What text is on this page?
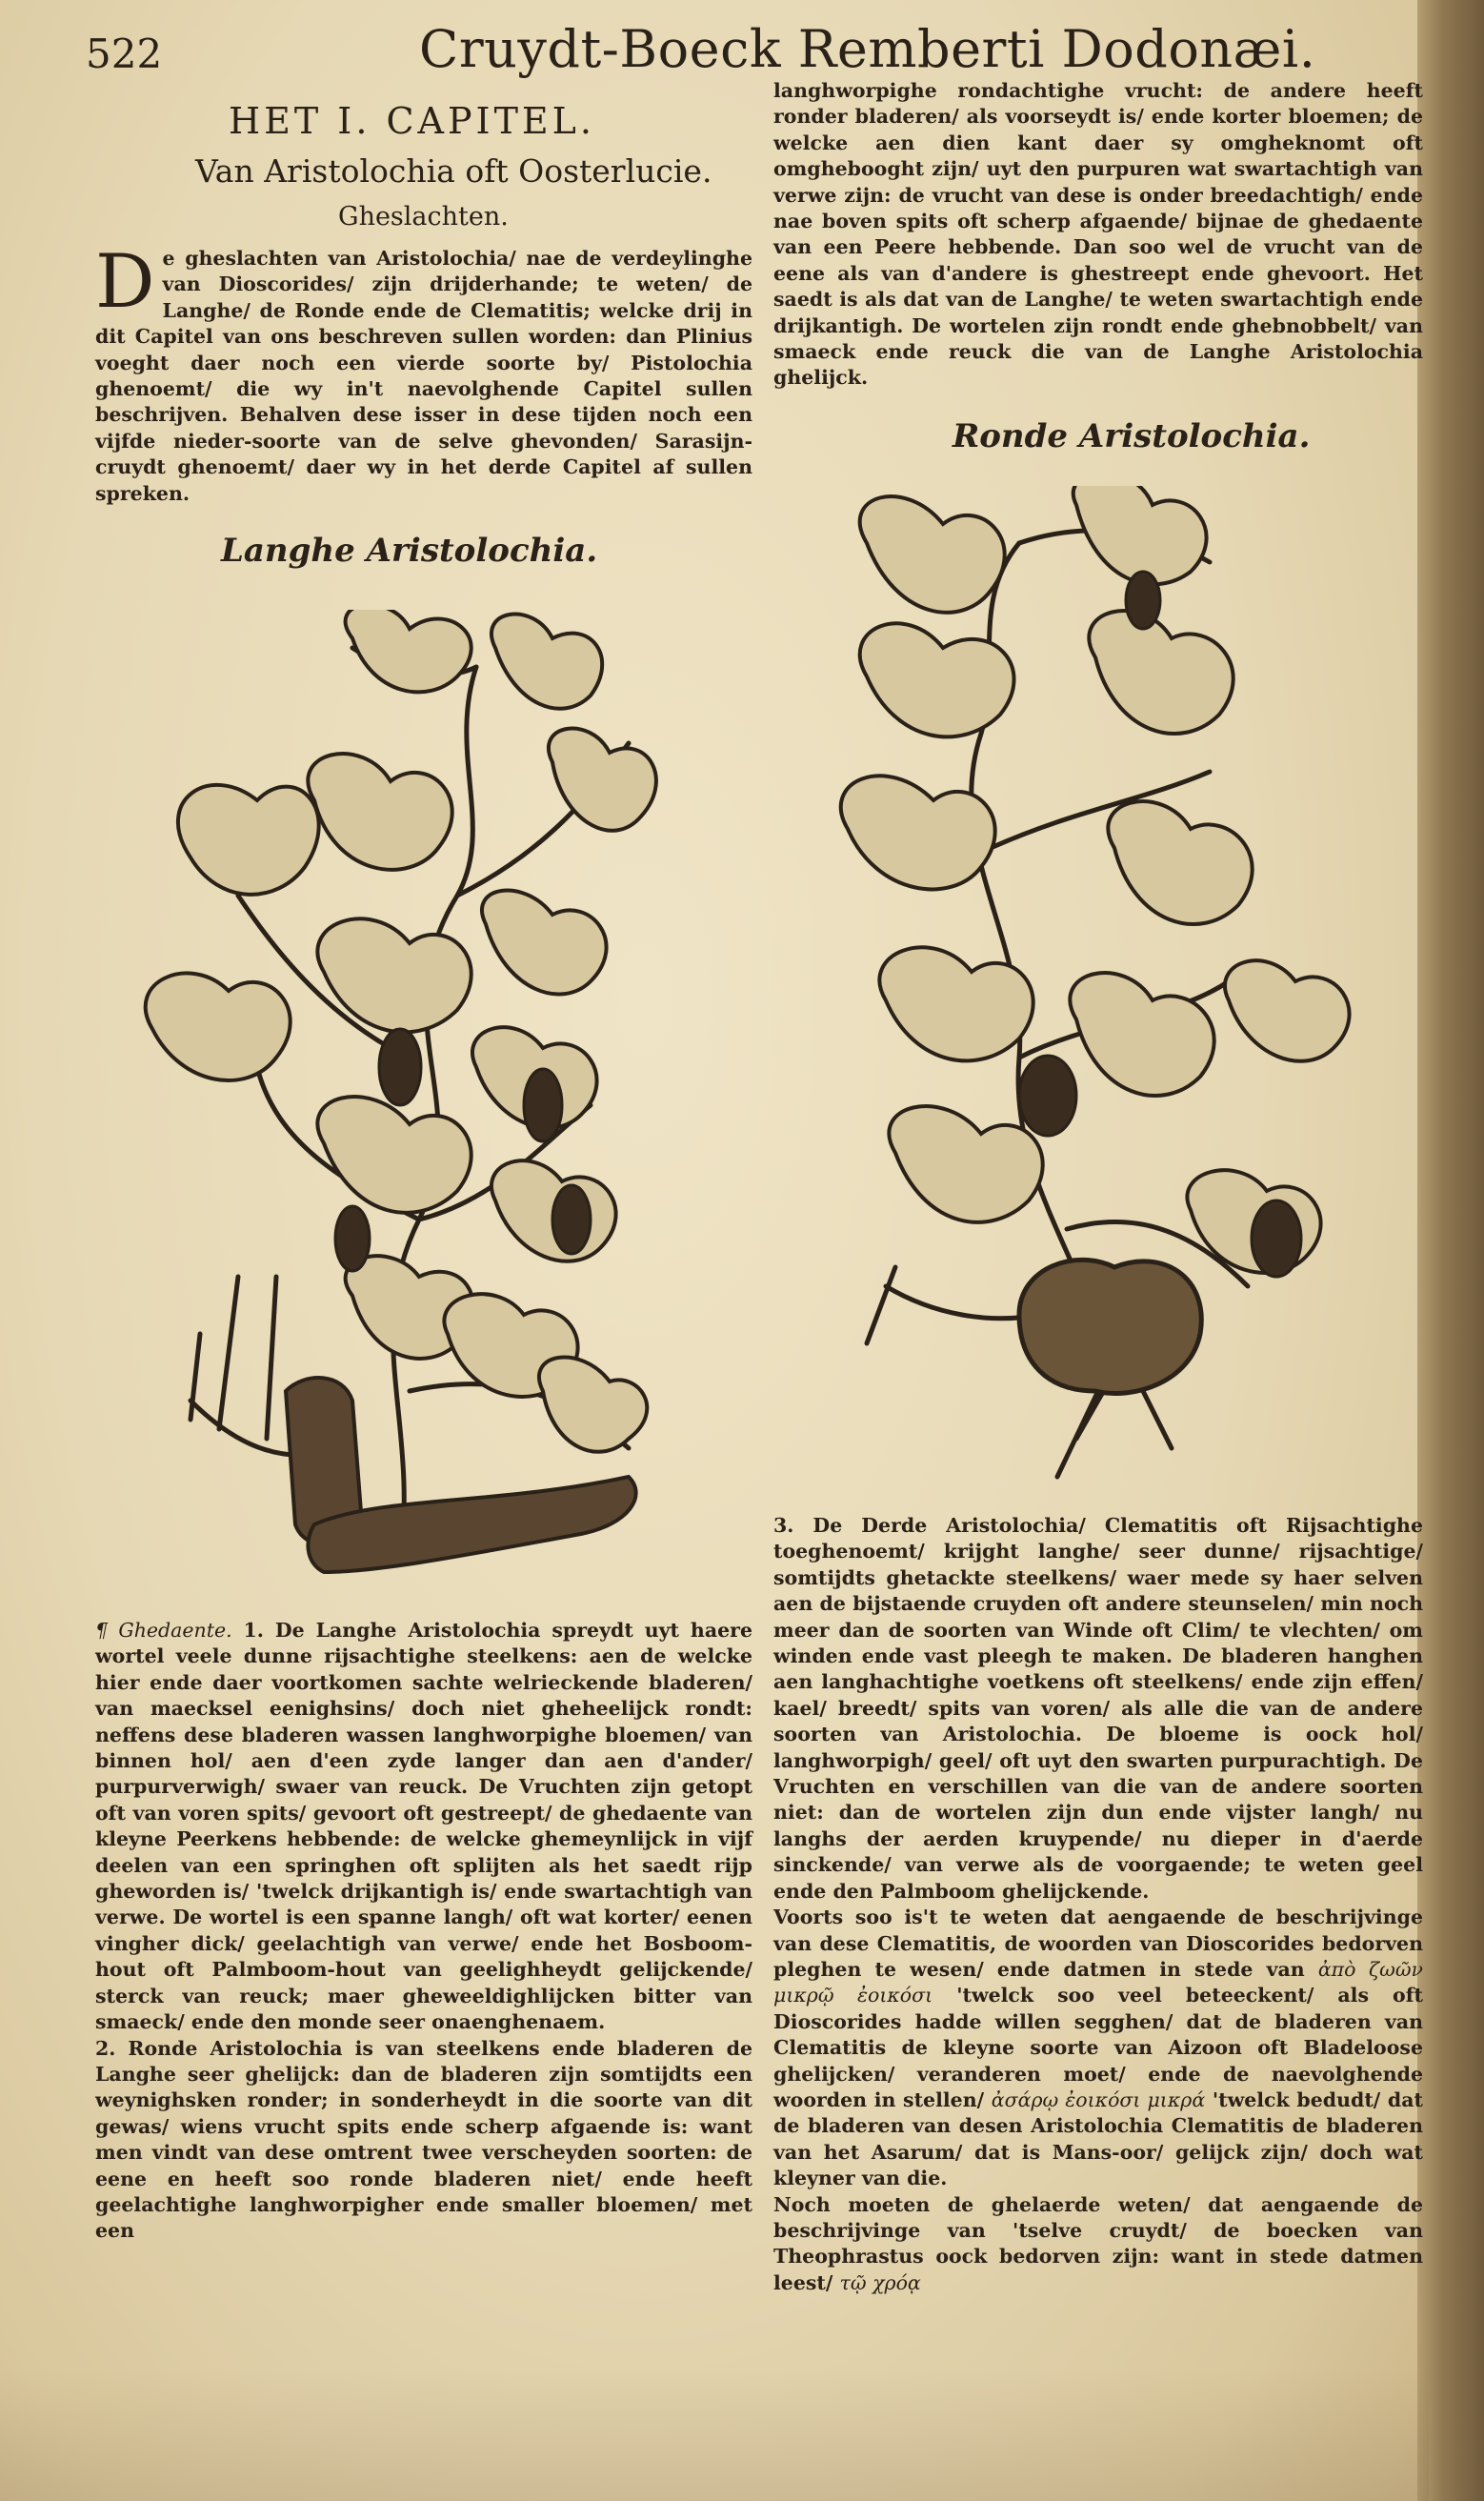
522	Cruydt-Boeck Remberti Dodonæi.
HET I. CAPITEL.
Van Aristolochia oft Oosterlucie.
Gheslachten.
De gheslachten van Aristolochia/ nae de verdeylinghe van Dioscorides/ zijn drijderhande; te weten/ de Langhe/ de Ronde ende de Clematitis; welcke drij in dit Capitel van ons beschreven sullen worden: dan Plinius voeght daer noch een vierde soorte by/ Pistolochia ghenoemt/ die wy in't naevolghende Capitel sullen beschrijven. Behalven dese isser in dese tijden noch een vijfde nieder-soorte van de selve ghevonden/ Sarasijn-cruydt ghenoemt/ daer wy in het derde Capitel af sullen spreken.
langhworpighe rondachtighe vrucht: de andere heeft ronder bladeren/ als voorseydt is/ ende korter bloemen; de welcke aen dien kant daer sy omgheknomt oft omghebooght zijn/ uyt den purpuren wat swartachtigh van verwe zijn: de vrucht van dese is onder breedachtigh/ ende nae boven spits oft scherp afgaende/ bijnae de ghedaente van een Peere hebbende. Dan soo wel de vrucht van de eene als van d'andere is ghestreept ende ghevoort. Het saedt is als dat van de Langhe/ te weten swartachtigh ende drijkantigh. De wortelen zijn rondt ende ghebnobbelt/ van smaeck ende reuck die van de Langhe Aristolochia ghelijck.
Langhe Aristolochia.
Ronde Aristolochia.
¶ Ghedaente. 1. De Langhe Aristolochia spreydt uyt haere wortel veele dunne rijsachtighe steelkens: aen de welcke hier ende daer voortkomen sachte welrieckende bladeren/ van maecksel eenighsins/ doch niet gheheelijck rondt: neffens dese bladeren wassen langhworpighe bloemen/ van binnen hol/ aen d'een zyde langer dan aen d'ander/ purpurverwigh/ swaer van reuck. De Vruchten zijn getopt oft van voren spits/ gevoort oft gestreept/ de ghedaente van kleyne Peerkens hebbende: de welcke ghemeynlijck in vijf deelen van een springhen oft splijten als het saedt rijp gheworden is/ 'twelck drijkantigh is/ ende swartachtigh van verwe. De wortel is een spanne langh/ oft wat korter/ eenen vingher dick/ geelachtigh van verwe/ ende het Bosboom-hout oft Palmboom-hout van geelighheydt gelijckende/ sterck van reuck; maer gheweeldighlijcken bitter van smaeck/ ende den monde seer onaenghenaem.
2. Ronde Aristolochia is van steelkens ende bladeren de Langhe seer ghelijck: dan de bladeren zijn somtijdts een weynighsken ronder; in sonderheydt in die soorte van dit gewas/ wiens vrucht spits ende scherp afgaende is: want men vindt van dese omtrent twee verscheyden soorten: de eene en heeft soo ronde bladeren niet/ ende heeft geelachtighe langhworpigher ende smaller bloemen/ met een
3. De Derde Aristolochia/ Clematitis oft Rijsachtighe toeghenoemt/ krijght langhe/ seer dunne/ rijsachtige/ somtijdts ghetackte steelkens/ waer mede sy haer selven aen de bijstaende cruyden oft andere steunselen/ min noch meer dan de soorten van Winde oft Clim/ te vlechten/ om winden ende vast pleegh te maken. De bladeren hanghen aen langhachtighe voetkens oft steelkens/ ende zijn effen/ kael/ breedt/ spits van voren/ als alle die van de andere soorten van Aristolochia. De bloeme is oock hol/ langhworpigh/ geel/ oft uyt den swarten purpurachtigh. De Vruchten en verschillen van die van de andere soorten niet: dan de wortelen zijn dun ende vijster langh/ nu langhs der aerden kruypende/ nu dieper in d'aerde sinckende/ van verwe als de voorgaende; te weten geel ende den Palmboom ghelijckende.
Voorts soo is't te weten dat aengaende de beschrijvinge van dese Clematitis, de woorden van Dioscorides bedorven pleghen te wesen/ ende datmen in stede van ἀπὸ ζωῶν μικρῷ ἐοικόσι 'twelck soo veel beteeckent/ als oft Dioscorides hadde willen segghen/ dat de bladeren van Clematitis de kleyne soorte van Aizoon oft Bladeloose ghelijcken/ veranderen moet/ ende de naevolghende woorden in stellen/ ἀσάρῳ ἐοικόσι μικρά 'twelck bedudt/ dat de bladeren van desen Aristolochia Clematitis de bladeren van het Asarum/ dat is Mans-oor/ gelijck zijn/ doch wat kleyner van die.
Noch moeten de ghelaerde weten/ dat aengaende de beschrijvinge van 'tselve cruydt/ de boecken van Theophrastus oock bedorven zijn: want in stede datmen leest/ τῷ χρόᾳ
